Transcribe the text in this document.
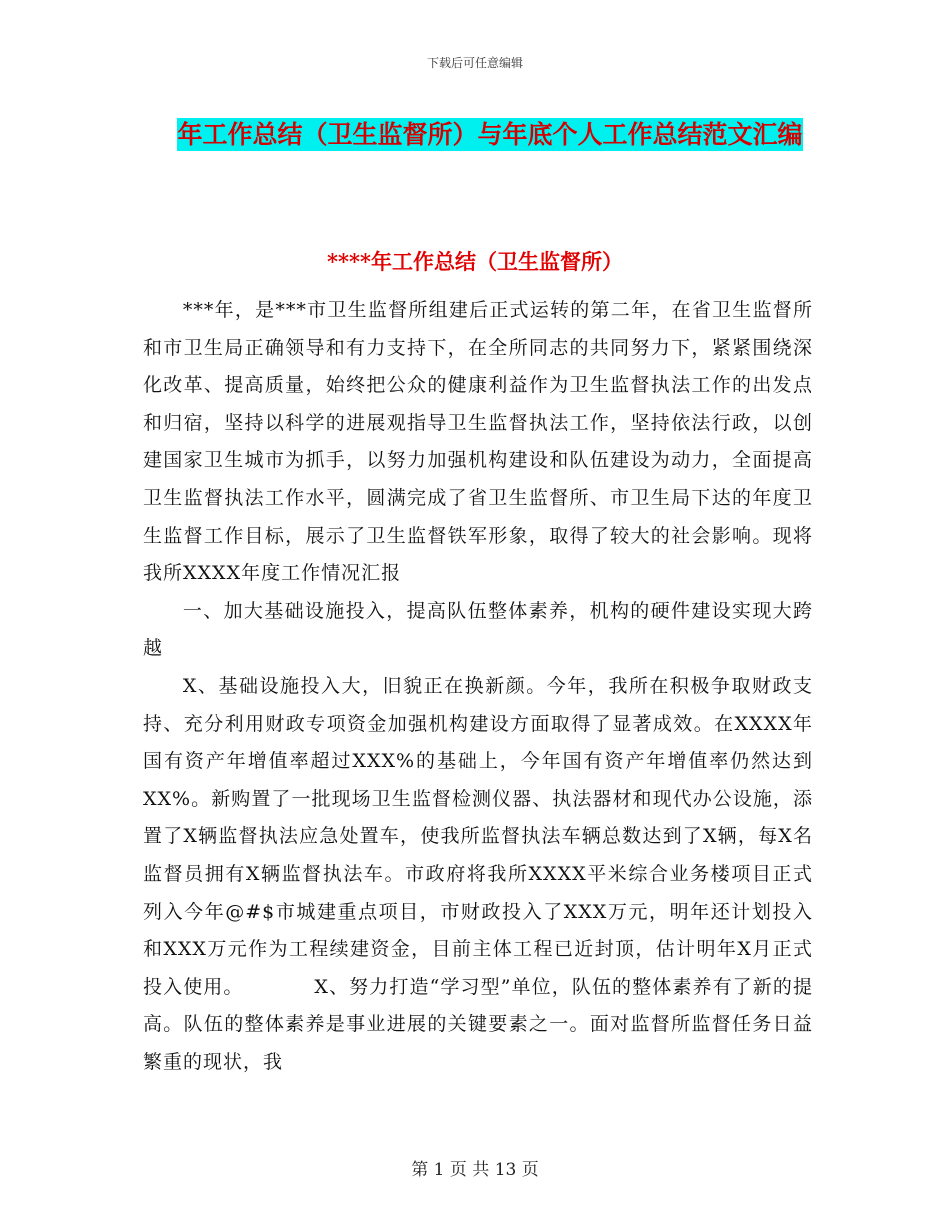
下载后可任意编辑
年工作总结（卫生监督所）与年底个人工作总结范文汇编
****年工作总结（卫生监督所）

***年，是***市卫生监督所组建后正式运转的第二年，在省卫生监督所和市卫生局正确领导和有力支持下，在全所同志的共同努力下，紧紧围绕深化改革、提高质量，始终把公众的健康利益作为卫生监督执法工作的出发点和归宿，坚持以科学的进展观指导卫生监督执法工作，坚持依法行政，以创建国家卫生城市为抓手，以努力加强机构建设和队伍建设为动力，全面提高卫生监督执法工作水平，圆满完成了省卫生监督所、市卫生局下达的年度卫生监督工作目标，展示了卫生监督铁军形象，取得了较大的社会影响。现将我所XXXX年度工作情况汇报

一、加大基础设施投入，提高队伍整体素养，机构的硬件建设实现大跨越

X、基础设施投入大，旧貌正在换新颜。今年，我所在积极争取财政支持、充分利用财政专项资金加强机构建设方面取得了显著成效。在XXXX年国有资产年增值率超过XXX%的基础上，今年国有资产年增值率仍然达到XX%。新购置了一批现场卫生监督检测仪器、执法器材和现代办公设施，添置了X辆监督执法应急处置车，使我所监督执法车辆总数达到了X辆，每X名监督员拥有X辆监督执法车。市政府将我所XXXX平米综合业务楼项目正式列入今年@#$市城建重点项目，市财政投入了XXX万元，明年还计划投入和XXX万元作为工程续建资金，目前主体工程已近封顶，估计明年X月正式投入使用。　　　　X、努力打造“学习型”单位，队伍的整体素养有了新的提高。队伍的整体素养是事业进展的关键要素之一。面对监督所监督任务日益繁重的现状，我

第 1 页 共 13 页
